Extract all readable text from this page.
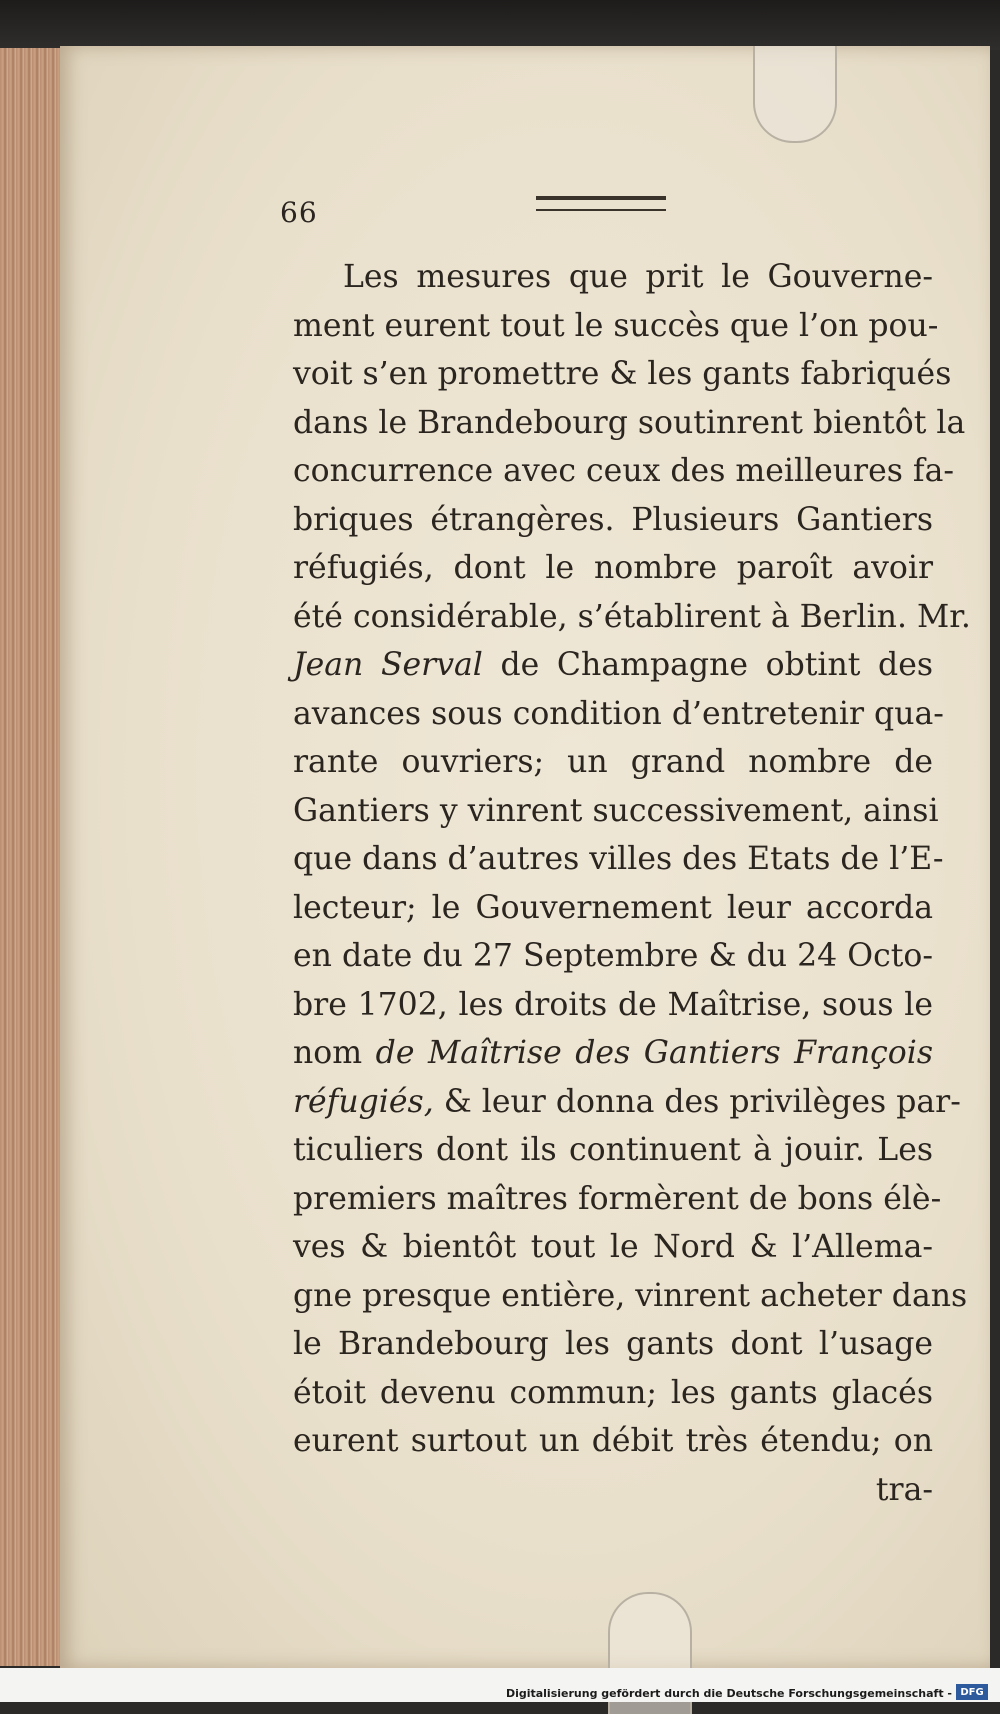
66
Les mesures que prit le Gouverne-
ment eurent tout le succès que l’on pou-
voit s’en promettre & les gants fabriqués
dans le Brandebourg soutinrent bientôt la
concurrence avec ceux des meilleures fa-
briques étrangères. Plusieurs Gantiers
réfugiés, dont le nombre paroît avoir
été considérable, s’établirent à Berlin. Mr.
Jean Serval de Champagne obtint des
avances sous condition d’entretenir qua-
rante ouvriers; un grand nombre de
Gantiers y vinrent successivement, ainsi
que dans d’autres villes des Etats de l’E-
lecteur; le Gouvernement leur accorda
en date du 27 Septembre & du 24 Octo-
bre 1702, les droits de Maîtrise, sous le
nom de Maîtrise des Gantiers François
réfugiés, & leur donna des privilèges par-
ticuliers dont ils continuent à jouir. Les
premiers maîtres formèrent de bons élè-
ves & bientôt tout le Nord & l’Allema-
gne presque entière, vinrent acheter dans
le Brandebourg les gants dont l’usage
étoit devenu commun; les gants glacés
eurent surtout un débit très étendu; on
tra-
Digitalisierung gefördert durch die Deutsche Forschungsgemeinschaft - DFG
